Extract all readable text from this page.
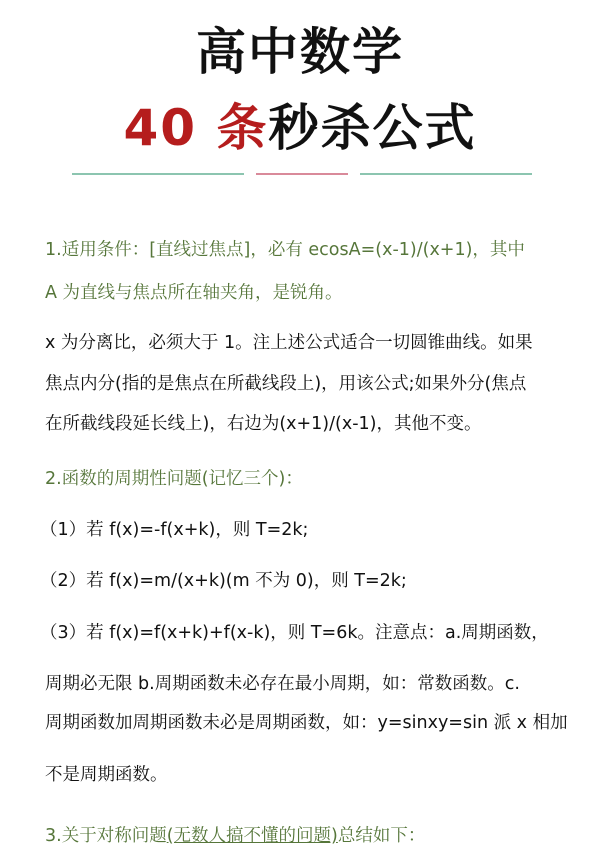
高中数学
40 条秒杀公式
1.适用条件：[直线过焦点]，必有 ecosA=(x-1)/(x+1)，其中
A 为直线与焦点所在轴夹角，是锐角。
x 为分离比，必须大于 1。注上述公式适合一切圆锥曲线。如果
焦点内分(指的是焦点在所截线段上)，用该公式;如果外分(焦点
在所截线段延长线上)，右边为(x+1)/(x-1)，其他不变。
2.函数的周期性问题(记忆三个)：
（1）若 f(x)=-f(x+k)，则 T=2k;
（2）若 f(x)=m/(x+k)(m 不为 0)，则 T=2k;
（3）若 f(x)=f(x+k)+f(x-k)，则 T=6k。注意点：a.周期函数，
周期必无限 b.周期函数未必存在最小周期，如：常数函数。c.
周期函数加周期函数未必是周期函数，如：y=sinxy=sin 派 x 相加
不是周期函数。
3.关于对称问题(无数人搞不懂的问题)总结如下：
